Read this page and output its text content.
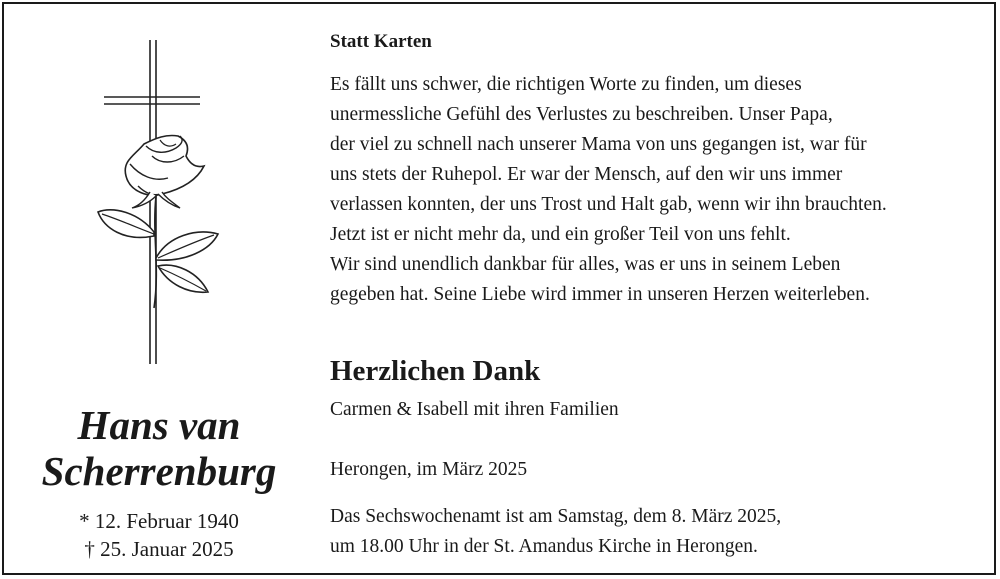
Hans van
Scherrenburg
* 12. Februar 1940
† 25. Januar 2025

Statt Karten

Es fällt uns schwer, die richtigen Worte zu finden, um dieses
unermessliche Gefühl des Verlustes zu beschreiben. Unser Papa,
der viel zu schnell nach unserer Mama von uns gegangen ist, war für
uns stets der Ruhepol. Er war der Mensch, auf den wir uns immer
verlassen konnten, der uns Trost und Halt gab, wenn wir ihn brauchten.
Jetzt ist er nicht mehr da, und ein großer Teil von uns fehlt.
Wir sind unendlich dankbar für alles, was er uns in seinem Leben
gegeben hat. Seine Liebe wird immer in unseren Herzen weiterleben.

Herzlichen Dank

Carmen & Isabell mit ihren Familien
Herongen, im März 2025
Das Sechswochenamt ist am Samstag, dem 8. März 2025,
um 18.00 Uhr in der St. Amandus Kirche in Herongen.
